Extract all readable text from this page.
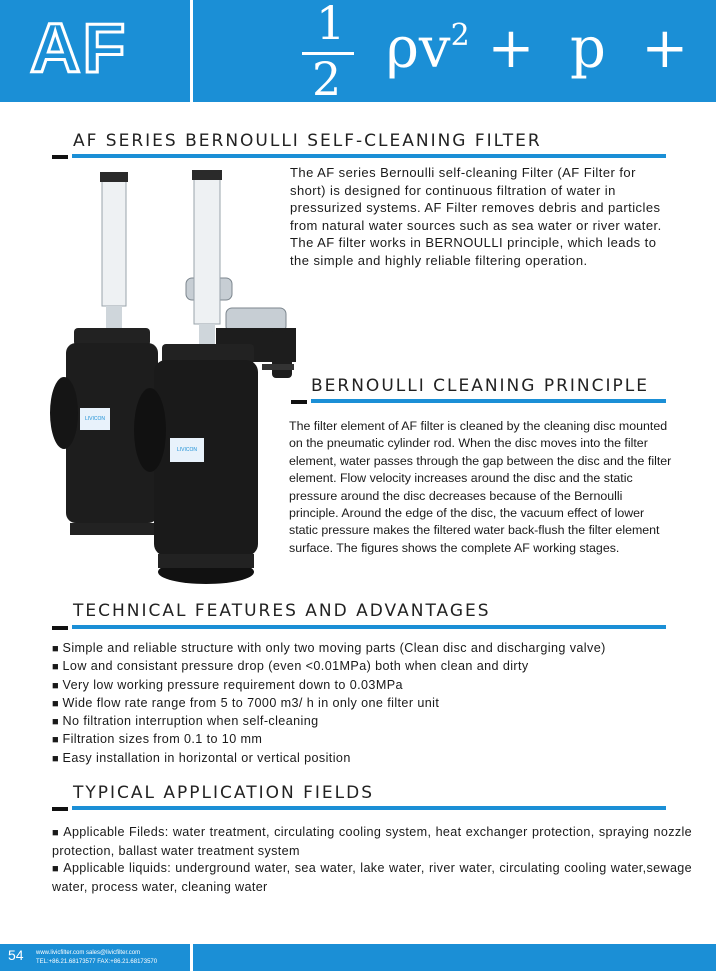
AF	1
2 $\rho v^2 + p$  +
AF SERIES BERNOULLI SELF-CLEANING FILTER

The AF series Bernoulli self-cleaning Filter (AF Filter for short) is designed for continuous filtration of water in pressurized systems. AF Filter removes debris and particles from natural water sources such as sea water or river water. The AF filter works in BERNOULLI principle, which leads to the simple and highly reliable filtering operation.

LIVICON
LIVICON
BERNOULLI CLEANING PRINCIPLE

The filter element of AF filter is cleaned by the cleaning disc mounted on the pneumatic cylinder rod. When the disc moves into the filter element, water passes through the gap between the disc and the filter element. Flow velocity increases around the disc and the static pressure around the disc decreases because of the Bernoulli principle. Around the edge of the disc, the vacuum effect of lower static pressure makes the filtered water back-flush the filter element surface. The figures shows the complete AF working stages.

TECHNICAL FEATURES AND ADVANTAGES
■ Simple and reliable structure with only two moving parts (Clean disc and discharging valve)
■ Low and consistant pressure drop (even <0.01MPa) both when clean and dirty
■ Very low working pressure requirement down to 0.03MPa
■ Wide flow rate range from 5 to 7000 m3/ h in only one filter unit
■ No filtration interruption when self-cleaning
■ Filtration sizes from 0.1 to 10 mm
■ Easy installation in horizontal or vertical position
TYPICAL APPLICATION FIELDS

■ Applicable Fileds: water treatment, circulating cooling system, heat exchanger protection, spraying nozzle protection, ballast water treatment system

■ Applicable liquids: underground water, sea water, lake water, river water, circulating cooling water,sewage water, process water, cleaning water

54 www.livicfilter.com sales@livicfilter.com
TEL:+86.21.68173577 FAX:+86.21.68173570
